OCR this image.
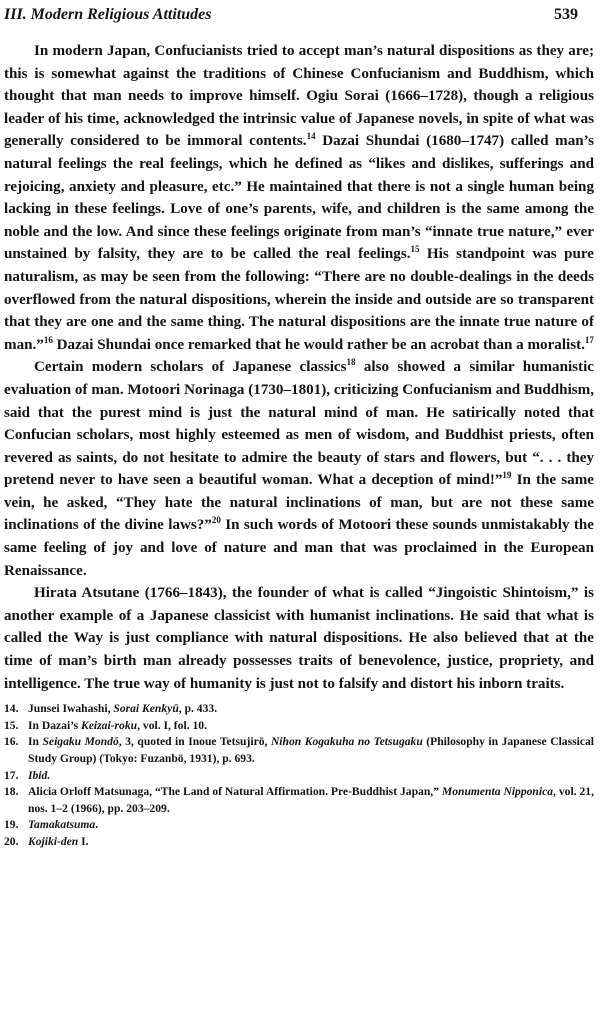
III. Modern Religious Attitudes	539

In modern Japan, Confucianists tried to accept man’s natural dispositions as they are; this is somewhat against the traditions of Chinese Confucianism and Buddhism, which thought that man needs to improve himself. Ogiu Sorai (1666–1728), though a religious leader of his time, acknowledged the intrinsic value of Japanese novels, in spite of what was generally considered to be immoral contents.$^{14}$ Dazai Shundai (1680–1747) called man’s natural feelings the real feelings, which he defined as “likes and dislikes, sufferings and rejoicing, anxiety and pleasure, etc.” He maintained that there is not a single human being lacking in these feelings. Love of one’s parents, wife, and children is the same among the noble and the low. And since these feelings originate from man’s “innate true nature,” ever unstained by falsity, they are to be called the real feelings.$^{15}$ His standpoint was pure naturalism, as may be seen from the following: “There are no double-dealings in the deeds overflowed from the natural dispositions, wherein the inside and outside are so transparent that they are one and the same thing. The natural dispositions are the innate true nature of man.”$^{16}$ Dazai Shundai once remarked that he would rather be an acrobat than a moralist.$^{17}$

Certain modern scholars of Japanese classics$^{18}$ also showed a similar humanistic evaluation of man. Motoori Norinaga (1730–1801), criticizing Confucianism and Buddhism, said that the purest mind is just the natural mind of man. He satirically noted that Confucian scholars, most highly esteemed as men of wisdom, and Buddhist priests, often revered as saints, do not hesitate to admire the beauty of stars and flowers, but “. . . they pretend never to have seen a beautiful woman. What a deception of mind!”$^{19}$ In the same vein, he asked, “They hate the natural inclinations of man, but are not these same inclinations of the divine laws?”$^{20}$ In such words of Motoori these sounds unmistakably the same feeling of joy and love of nature and man that was proclaimed in the European Renaissance.

Hirata Atsutane (1766–1843), the founder of what is called “Jingoistic Shintoism,” is another example of a Japanese classicist with humanist inclinations. He said that what is called the Way is just compliance with natural dispositions. He also believed that at the time of man’s birth man already possesses traits of benevolence, justice, propriety, and intelligence. The true way of humanity is just not to falsify and distort his inborn traits.

14. Junsei Iwahashi, Sorai Kenkyū, p. 433.
15. In Dazai’s Keizai-roku, vol. I, fol. 10.
16. In Seigaku Mondō, 3, quoted in Inoue Tetsujirō, Nihon Kogakuha no Tetsugaku (Philosophy in Japanese Classical Study Group) (Tokyo: Fuzanbō, 1931), p. 693.
17. Ibid.
18. Alicia Orloff Matsunaga, “The Land of Natural Affirmation. Pre-Buddhist Japan,” Monumenta Nipponica, vol. 21, nos. 1–2 (1966), pp. 203–209.
19. Tamakatsuma.
20. Kojiki-den I.
